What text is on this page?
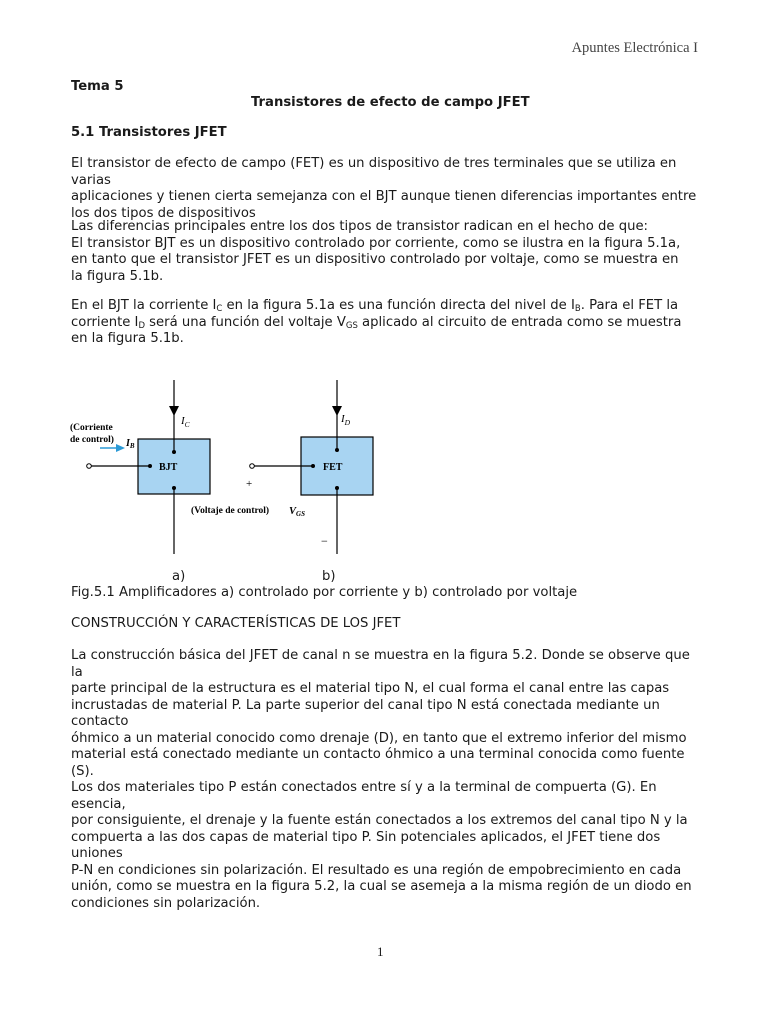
Apuntes Electrónica I
Tema 5
Transistores de efecto de campo JFET
5.1 Transistores JFET
El transistor de efecto de campo (FET) es un dispositivo de tres terminales que se utiliza en varias
aplicaciones y tienen cierta semejanza con el BJT aunque tienen diferencias importantes entre
los dos tipos de dispositivos
Las diferencias principales entre los dos tipos de transistor radican en el hecho de que:
El transistor BJT es un dispositivo controlado por corriente, como se ilustra en la figura 5.1a,
en tanto que el transistor JFET es un dispositivo controlado por voltaje, como se muestra en
la figura 5.1b.
En el BJT la corriente $I_C$ en la figura 5.1a es una función directa del nivel de $I_B$. Para el FET la
corriente $I_D$ será una función del voltaje $V_{GS}$ aplicado al circuito de entrada como se muestra
en la figura 5.1b.
BJT
(Corriente
de control) $I_B$
$I_C$
FET
+
−
(Voltaje de control) VGS
$I_D$
a)	b)
Fig.5.1 Amplificadores a) controlado por corriente y b) controlado por voltaje
CONSTRUCCIÓN Y CARACTERÍSTICAS DE LOS JFET
La construcción básica del JFET de canal n se muestra en la figura 5.2. Donde se observe que la
parte principal de la estructura es el material tipo N, el cual forma el canal entre las capas
incrustadas de material P. La parte superior del canal tipo N está conectada mediante un contacto
óhmico a un material conocido como drenaje (D), en tanto que el extremo inferior del mismo
material está conectado mediante un contacto óhmico a una terminal conocida como fuente (S).
Los dos materiales tipo P están conectados entre sí y a la terminal de compuerta (G). En esencia,
por consiguiente, el drenaje y la fuente están conectados a los extremos del canal tipo N y la
compuerta a las dos capas de material tipo P. Sin potenciales aplicados, el JFET tiene dos uniones
P-N en condiciones sin polarización. El resultado es una región de empobrecimiento en cada
unión, como se muestra en la figura 5.2, la cual se asemeja a la misma región de un diodo en
condiciones sin polarización.
1
